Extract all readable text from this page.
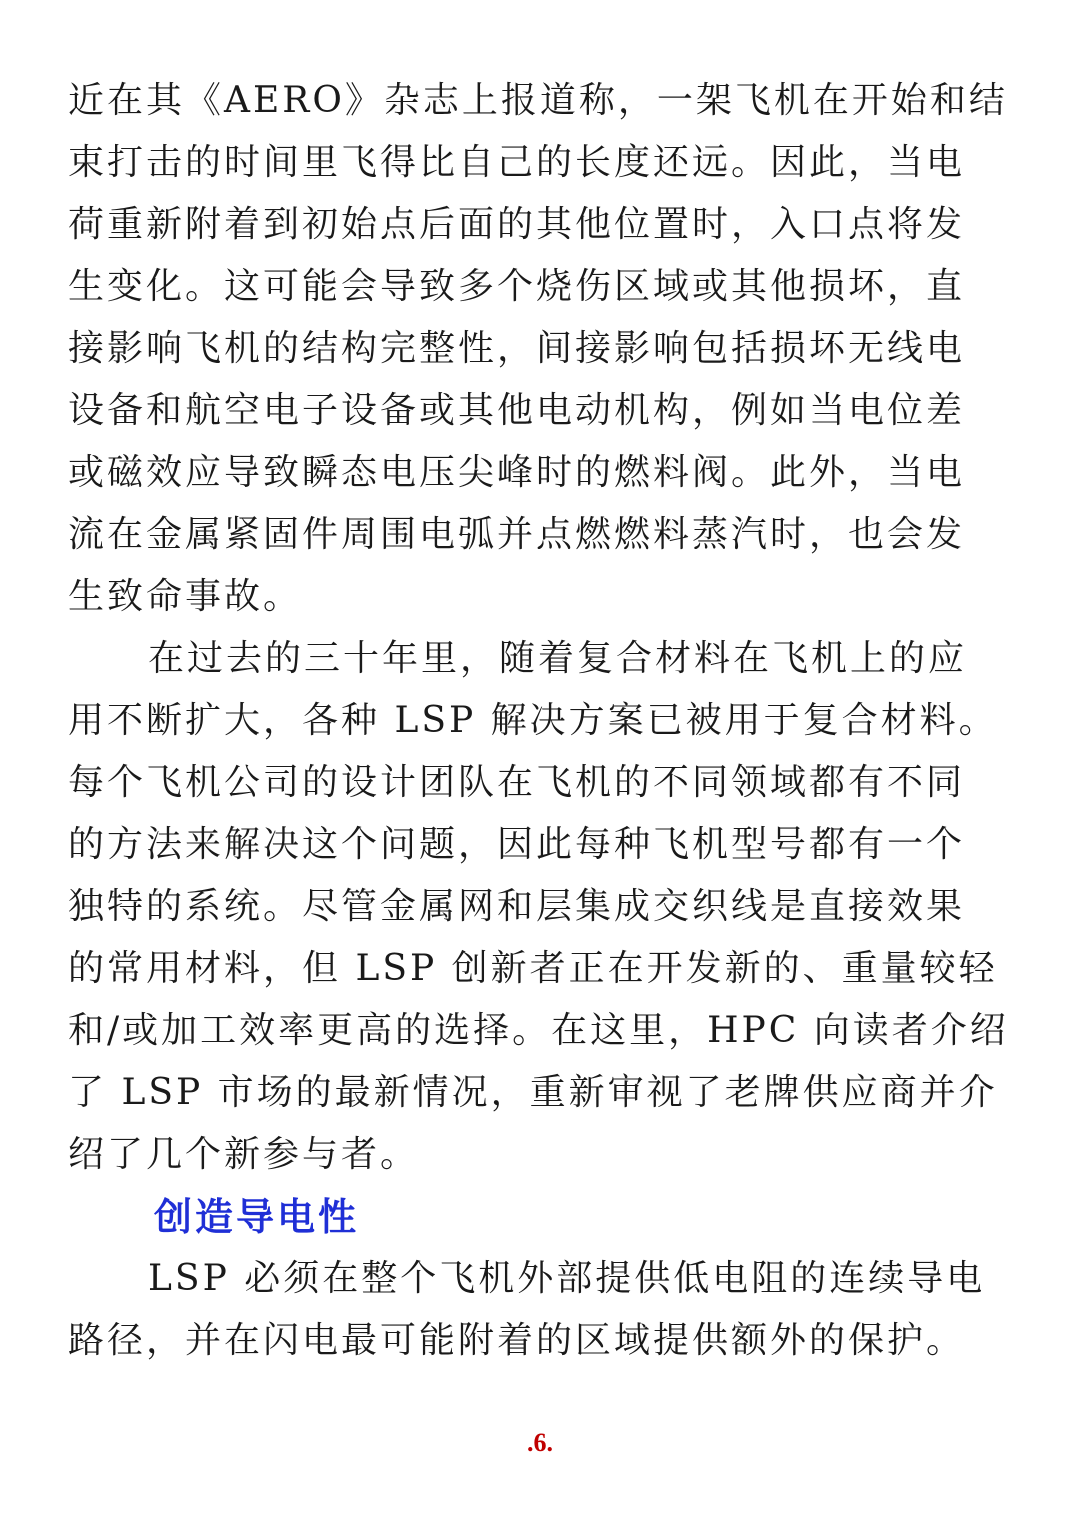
近在其《AERO》杂志上报道称，一架飞机在开始和结
束打击的时间里飞得比自己的长度还远。因此，当电
荷重新附着到初始点后面的其他位置时，入口点将发
生变化。这可能会导致多个烧伤区域或其他损坏，直
接影响飞机的结构完整性，间接影响包括损坏无线电
设备和航空电子设备或其他电动机构，例如当电位差
或磁效应导致瞬态电压尖峰时的燃料阀。此外，当电
流在金属紧固件周围电弧并点燃燃料蒸汽时，也会发
生致命事故。
在过去的三十年里，随着复合材料在飞机上的应
用不断扩大，各种 LSP 解决方案已被用于复合材料。
每个飞机公司的设计团队在飞机的不同领域都有不同
的方法来解决这个问题，因此每种飞机型号都有一个
独特的系统。尽管金属网和层集成交织线是直接效果
的常用材料，但 LSP 创新者正在开发新的、重量较轻
和/或加工效率更高的选择。在这里，HPC 向读者介绍
了 LSP 市场的最新情况，重新审视了老牌供应商并介
绍了几个新参与者。
创造导电性
LSP 必须在整个飞机外部提供低电阻的连续导电
路径，并在闪电最可能附着的区域提供额外的保护。
.6.
